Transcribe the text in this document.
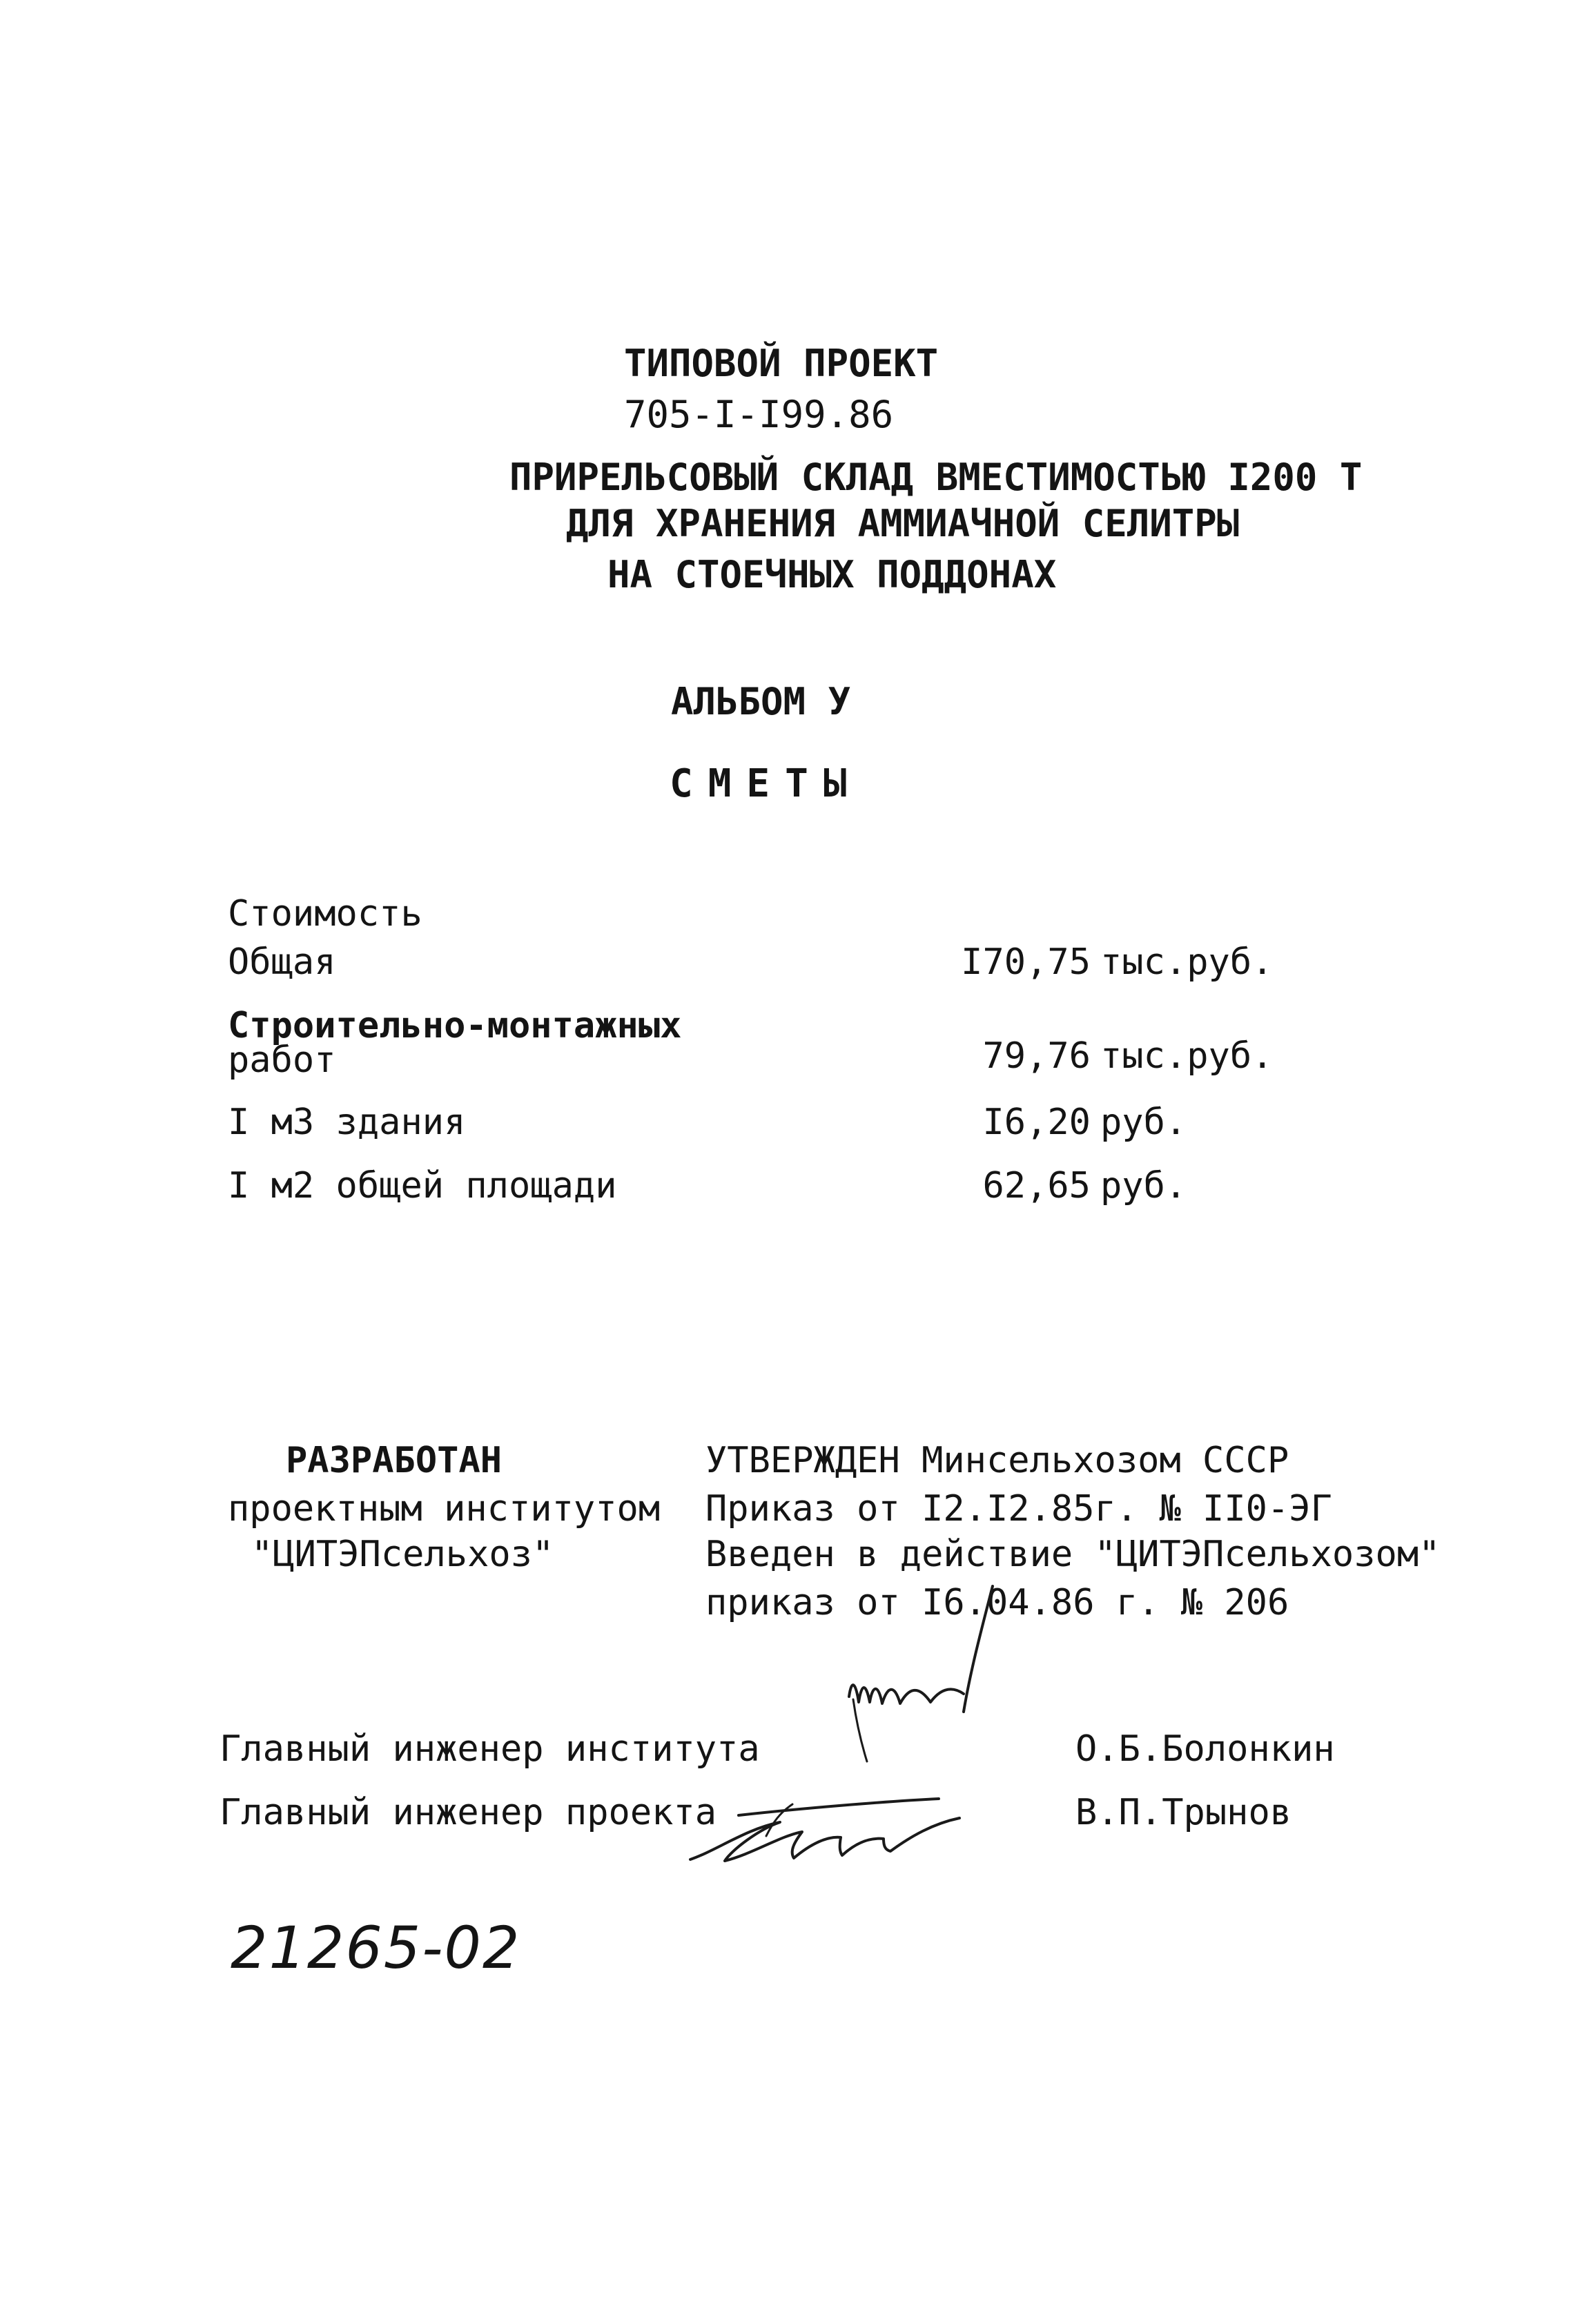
ТИПОВОЙ ПРОЕКТ
705-I-I99.86
ПРИРЕЛЬСОВЫЙ СКЛАД ВМЕСТИМОСТЬЮ I200 Т
ДЛЯ ХРАНЕНИЯ АММИАЧНОЙ СЕЛИТРЫ
НА СТОЕЧНЫХ ПОДДОНАХ
АЛЬБОМ У
СМЕТЫ
Стоимость
Общая	I70,75 тыс.руб.
Строительно-монтажных
работ	79,76 тыс.руб.
I м3 здания	I6,20 руб.
I м2 общей площади	62,65 руб.
РАЗРАБОТАН
проектным институтом
"ЦИТЭПсельхоз"
УТВЕРЖДЕН Минсельхозом СССР
Приказ от I2.I2.85г. № II0-ЭГ
Введен в действие "ЦИТЭПсельхозом"
приказ от I6.04.86 г. № 206
Главный инженер института	О.Б.Болонкин
Главный инженер проекта	В.П.Трынов
21265-02
